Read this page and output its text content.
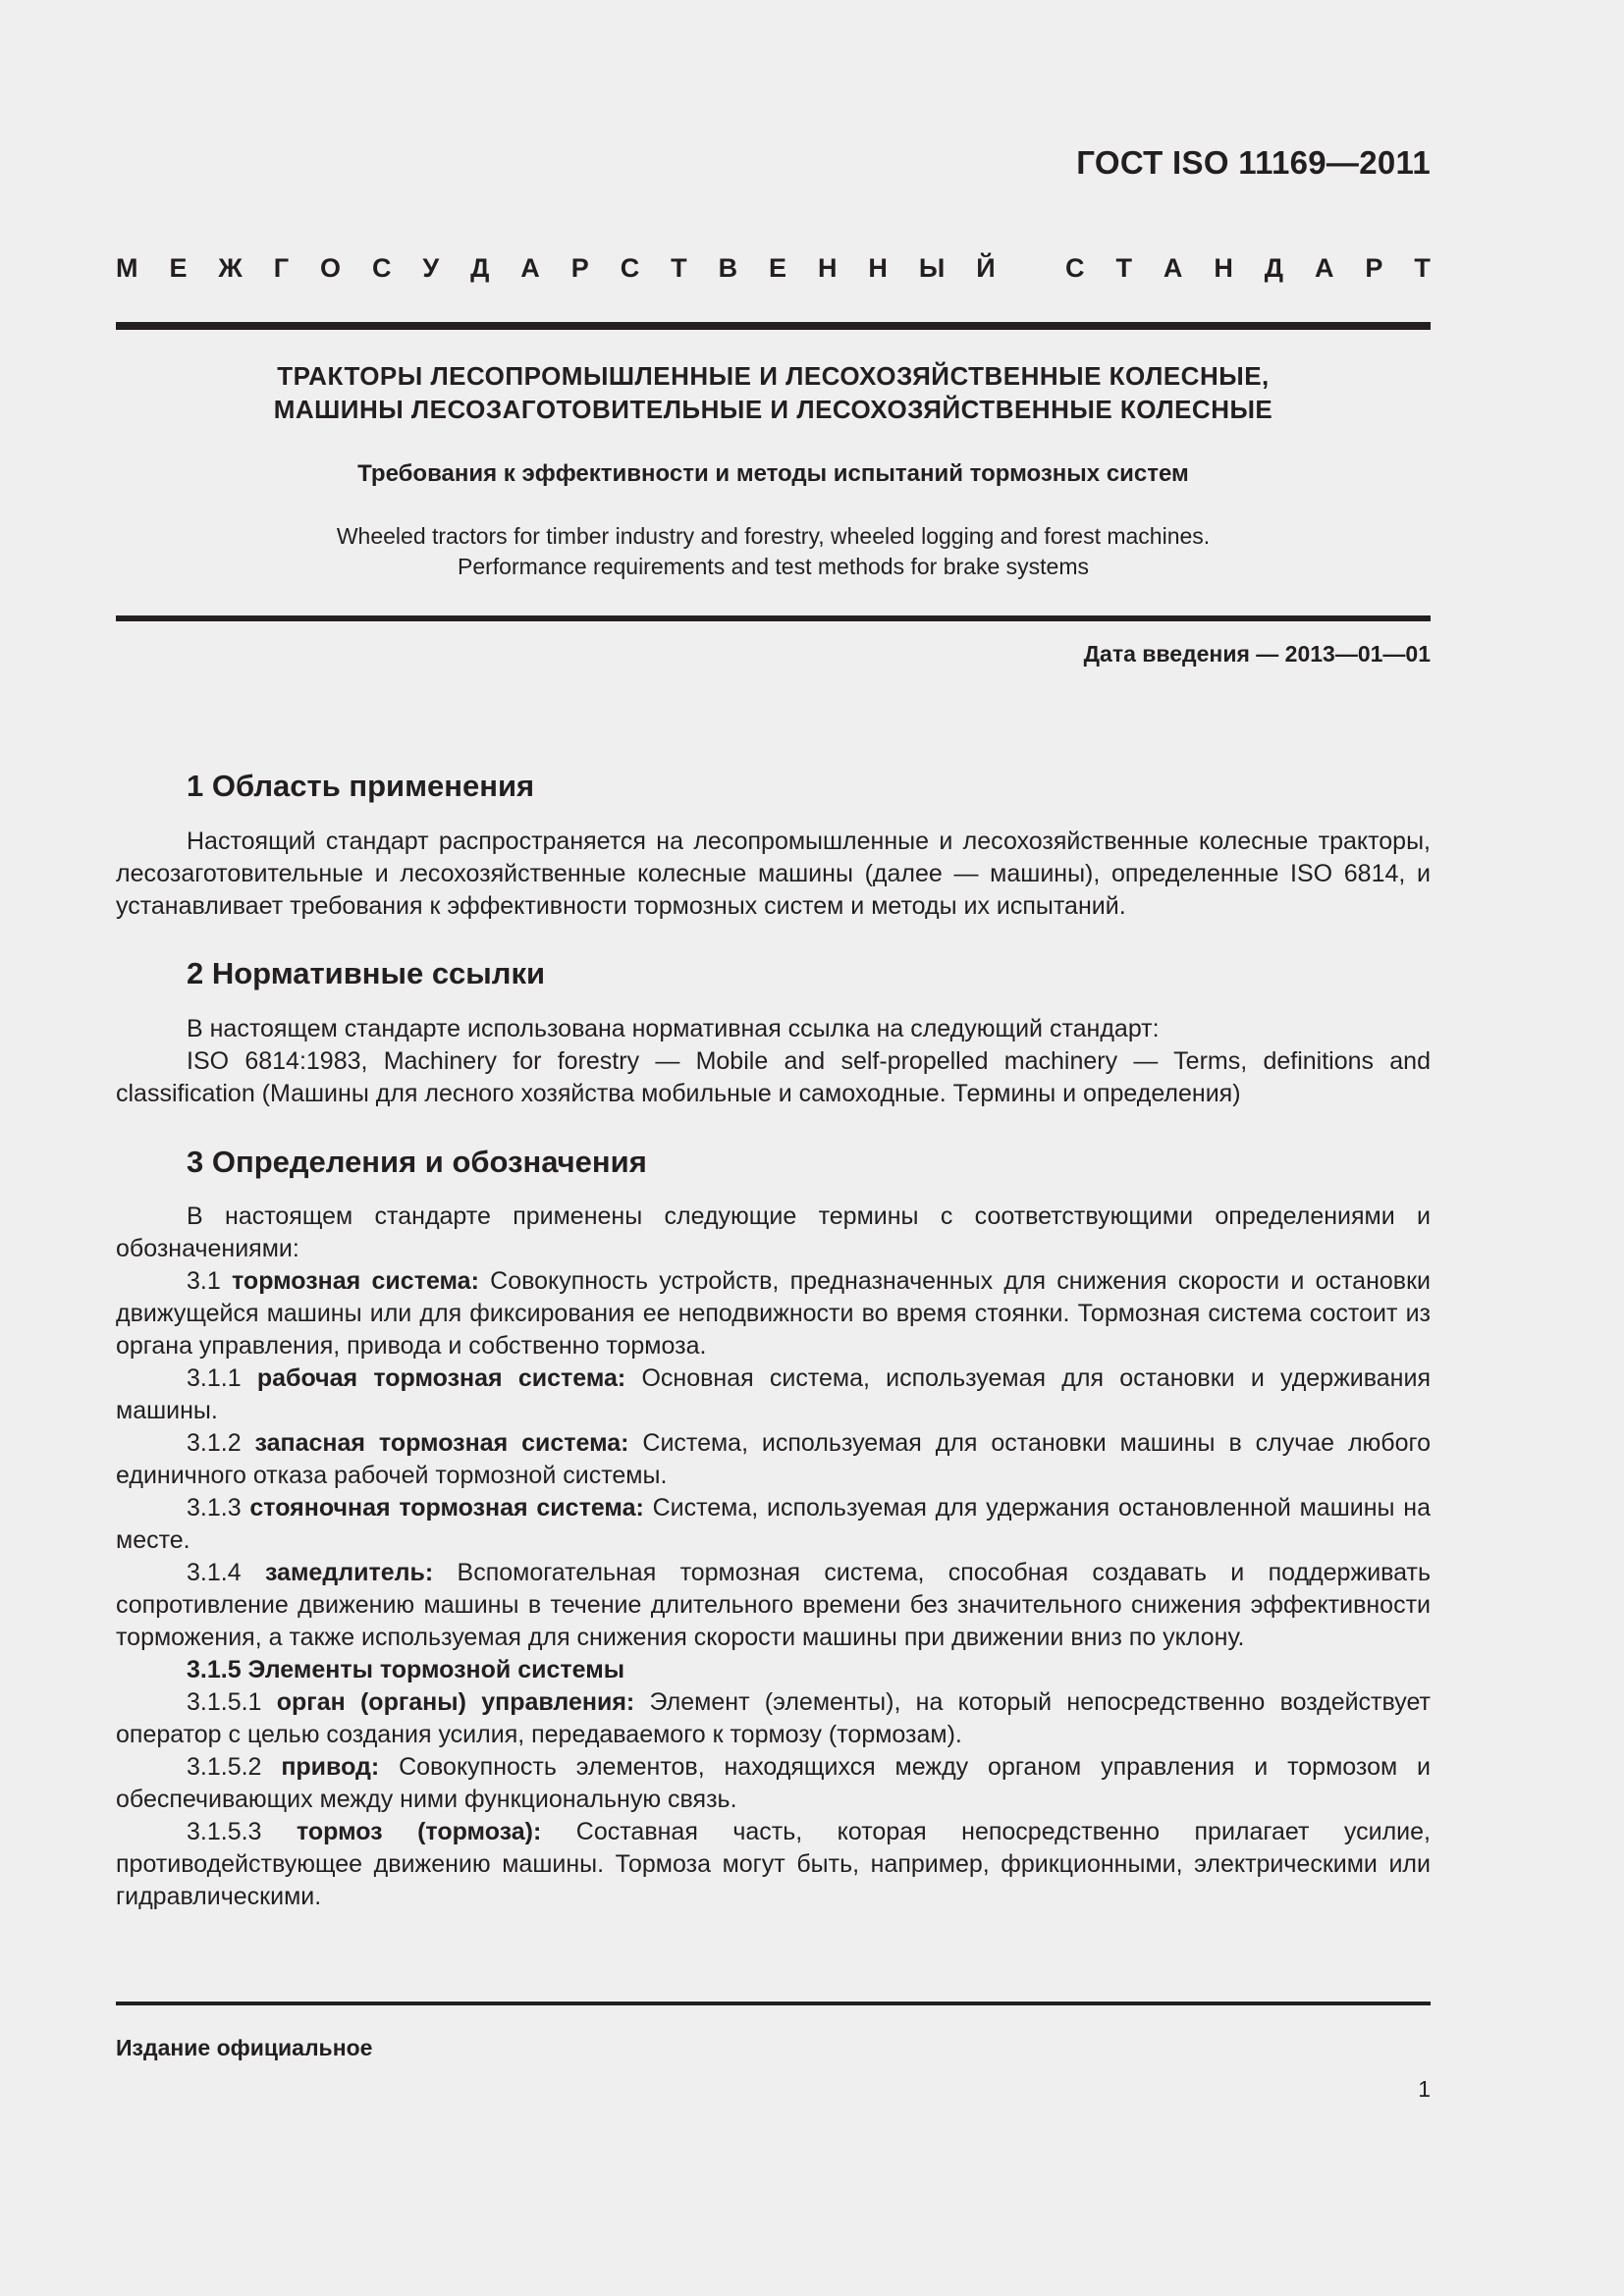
ГОСТ ISO 11169—2011
М Е Ж Г О С У Д А Р С Т В Е Н Н Ы Й
	С Т А Н Д А Р Т
ТРАКТОРЫ ЛЕСОПРОМЫШЛЕННЫЕ И ЛЕСОХОЗЯЙСТВЕННЫЕ КОЛЕСНЫЕ,
МАШИНЫ ЛЕСОЗАГОТОВИТЕЛЬНЫЕ И ЛЕСОХОЗЯЙСТВЕННЫЕ КОЛЕСНЫЕ
Требования к эффективности и методы испытаний тормозных систем
Wheeled tractors for timber industry and forestry, wheeled logging and forest machines.
Performance requirements and test methods for brake systems
Дата введения — 2013—01—01
1 Область применения

Настоящий стандарт распространяется на лесопромышленные и лесохозяйственные колесные тракторы, лесозаготовительные и лесохозяйственные колесные машины (далее — машины), определенные ISO 6814, и устанавливает требования к эффективности тормозных систем и методы их испытаний.

2 Нормативные ссылки

В настоящем стандарте использована нормативная ссылка на следующий стандарт:

ISO 6814:1983, Machinery for forestry — Mobile and self-propelled machinery — Terms, definitions and classification (Машины для лесного хозяйства мобильные и самоходные. Термины и определения)

3 Определения и обозначения

В настоящем стандарте применены следующие термины с соответствующими определениями и обозначениями:

3.1 тормозная система: Совокупность устройств, предназначенных для снижения скорости и остановки движущейся машины или для фиксирования ее неподвижности во время стоянки. Тормозная система состоит из органа управления, привода и собственно тормоза.

3.1.1 рабочая тормозная система: Основная система, используемая для остановки и удерживания машины.

3.1.2 запасная тормозная система: Система, используемая для остановки машины в случае любого единичного отказа рабочей тормозной системы.

3.1.3 стояночная тормозная система: Система, используемая для удержания остановленной машины на месте.

3.1.4 замедлитель: Вспомогательная тормозная система, способная создавать и поддерживать сопротивление движению машины в течение длительного времени без значительного снижения эффективности торможения, а также используемая для снижения скорости машины при движении вниз по уклону.

3.1.5 Элементы тормозной системы

3.1.5.1 орган (органы) управления: Элемент (элементы), на который непосредственно воздействует оператор с целью создания усилия, передаваемого к тормозу (тормозам).

3.1.5.2 привод: Совокупность элементов, находящихся между органом управления и тормозом и обеспечивающих между ними функциональную связь.

3.1.5.3 тормоз (тормоза): Составная часть, которая непосредственно прилагает усилие, противодействующее движению машины. Тормоза могут быть, например, фрикционными, электрическими или гидравлическими.

Издание официальное
1
